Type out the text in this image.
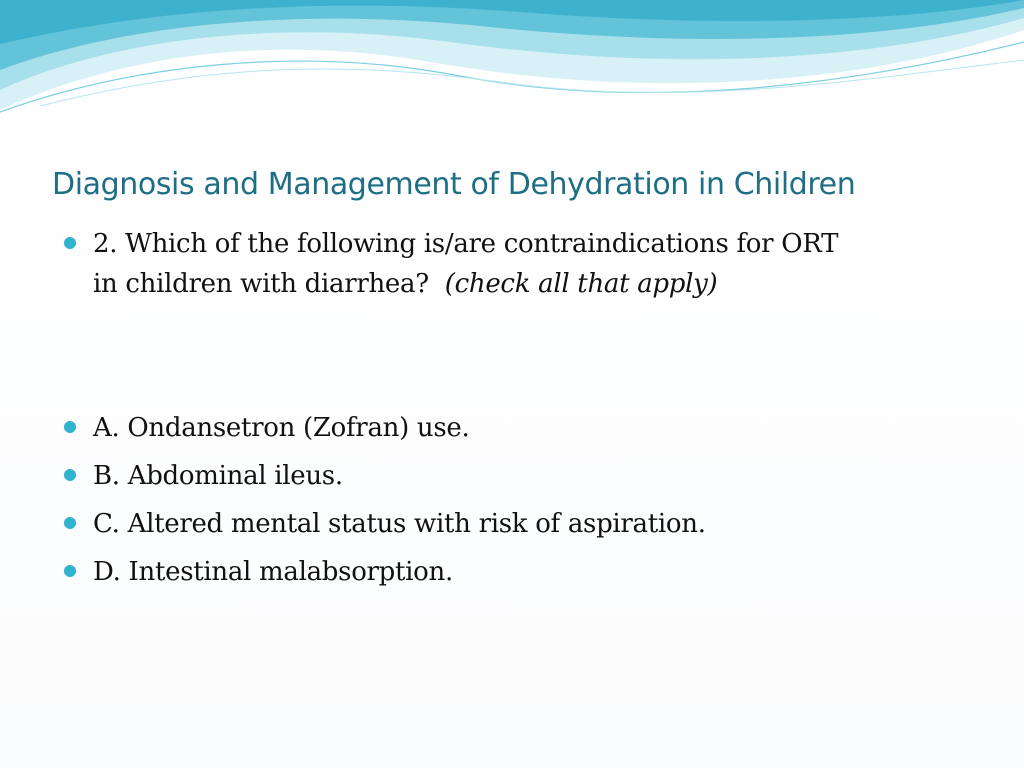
Diagnosis and Management of Dehydration in Children
2. Which of the following is/are contraindications for ORT
in children with diarrhea? (check all that apply)
A. Ondansetron (Zofran) use.
B. Abdominal ileus.
C. Altered mental status with risk of aspiration.
D. Intestinal malabsorption.
